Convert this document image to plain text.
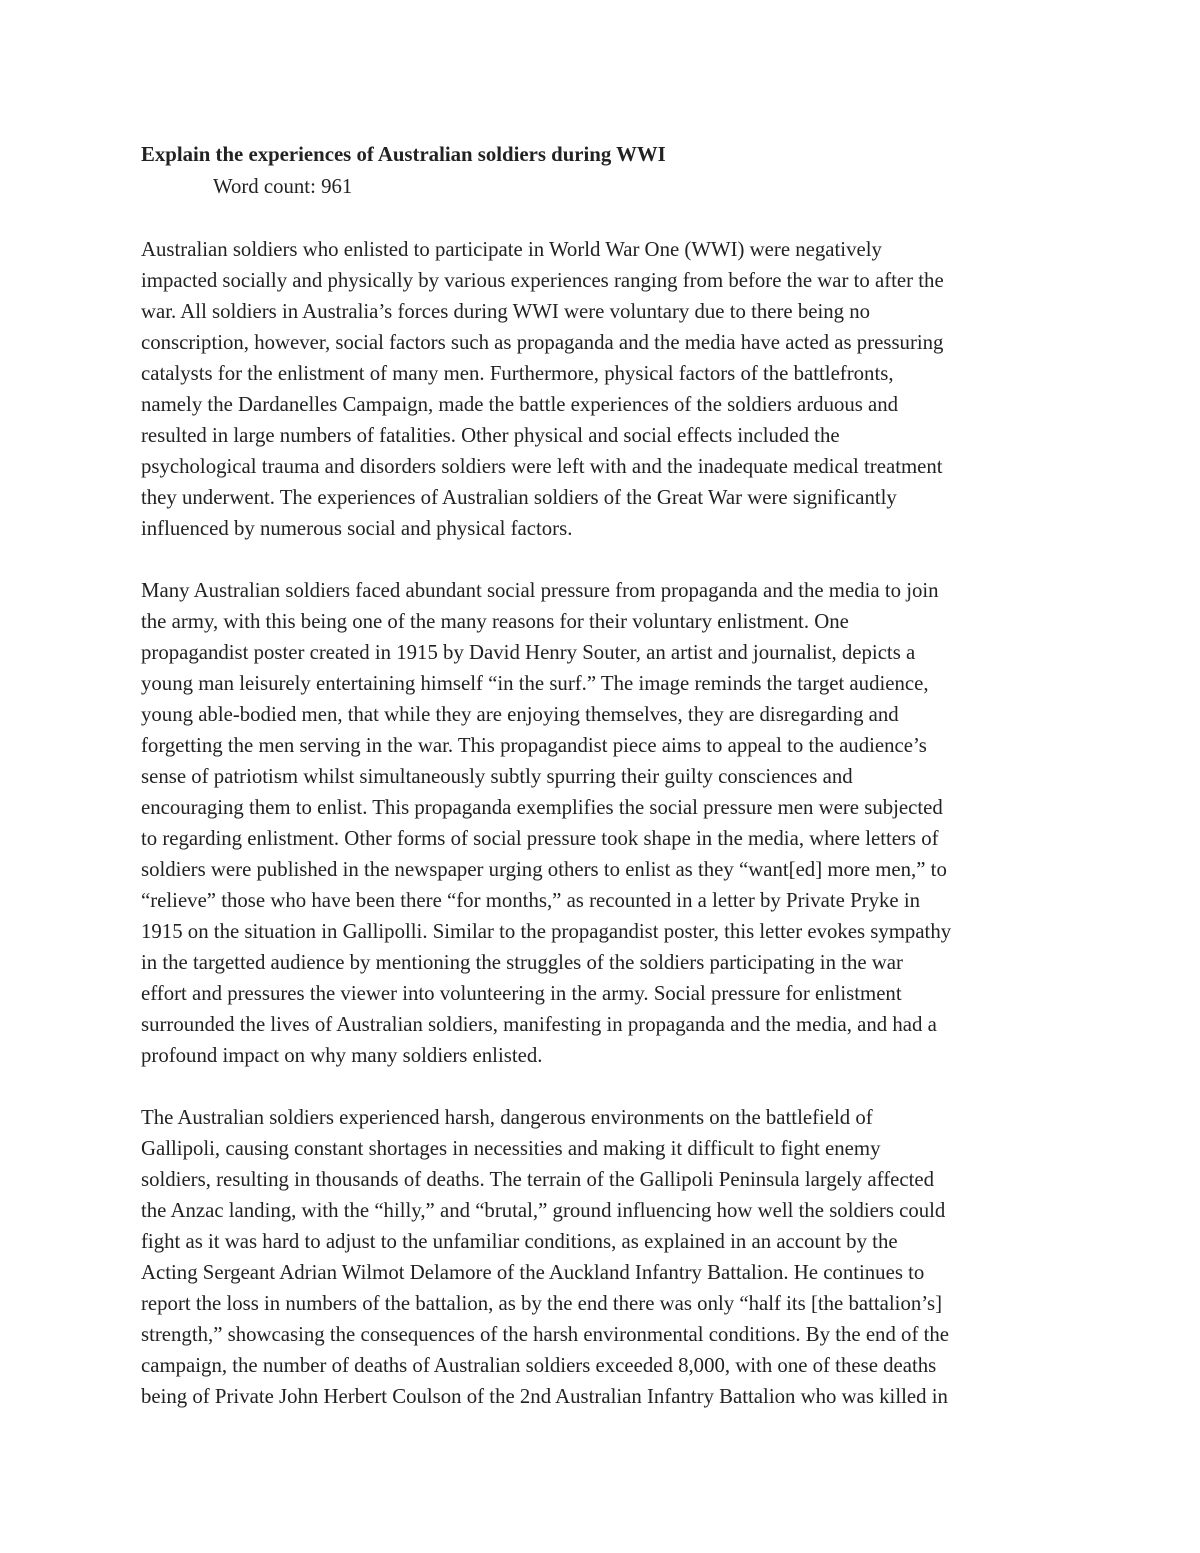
Explain the experiences of Australian soldiers during WWI

Word count: 961

Australian soldiers who enlisted to participate in World War One (WWI) were negatively
impacted socially and physically by various experiences ranging from before the war to after the
war. All soldiers in Australia’s forces during WWI were voluntary due to there being no
conscription, however, social factors such as propaganda and the media have acted as pressuring
catalysts for the enlistment of many men. Furthermore, physical factors of the battlefronts,
namely the Dardanelles Campaign, made the battle experiences of the soldiers arduous and
resulted in large numbers of fatalities. Other physical and social effects included the
psychological trauma and disorders soldiers were left with and the inadequate medical treatment
they underwent. The experiences of Australian soldiers of the Great War were significantly
influenced by numerous social and physical factors.
Many Australian soldiers faced abundant social pressure from propaganda and the media to join
the army, with this being one of the many reasons for their voluntary enlistment. One
propagandist poster created in 1915 by David Henry Souter, an artist and journalist, depicts a
young man leisurely entertaining himself “in the surf.” The image reminds the target audience,
young able-bodied men, that while they are enjoying themselves, they are disregarding and
forgetting the men serving in the war. This propagandist piece aims to appeal to the audience’s
sense of patriotism whilst simultaneously subtly spurring their guilty consciences and
encouraging them to enlist. This propaganda exemplifies the social pressure men were subjected
to regarding enlistment. Other forms of social pressure took shape in the media, where letters of
soldiers were published in the newspaper urging others to enlist as they “want[ed] more men,” to
“relieve” those who have been there “for months,” as recounted in a letter by Private Pryke in
1915 on the situation in Gallipolli. Similar to the propagandist poster, this letter evokes sympathy
in the targetted audience by mentioning the struggles of the soldiers participating in the war
effort and pressures the viewer into volunteering in the army. Social pressure for enlistment
surrounded the lives of Australian soldiers, manifesting in propaganda and the media, and had a
profound impact on why many soldiers enlisted.
The Australian soldiers experienced harsh, dangerous environments on the battlefield of
Gallipoli, causing constant shortages in necessities and making it difficult to fight enemy
soldiers, resulting in thousands of deaths. The terrain of the Gallipoli Peninsula largely affected
the Anzac landing, with the “hilly,” and “brutal,” ground influencing how well the soldiers could
fight as it was hard to adjust to the unfamiliar conditions, as explained in an account by the
Acting Sergeant Adrian Wilmot Delamore of the Auckland Infantry Battalion. He continues to
report the loss in numbers of the battalion, as by the end there was only “half its [the battalion’s]
strength,” showcasing the consequences of the harsh environmental conditions. By the end of the
campaign, the number of deaths of Australian soldiers exceeded 8,000, with one of these deaths
being of Private John Herbert Coulson of the 2nd Australian Infantry Battalion who was killed in
